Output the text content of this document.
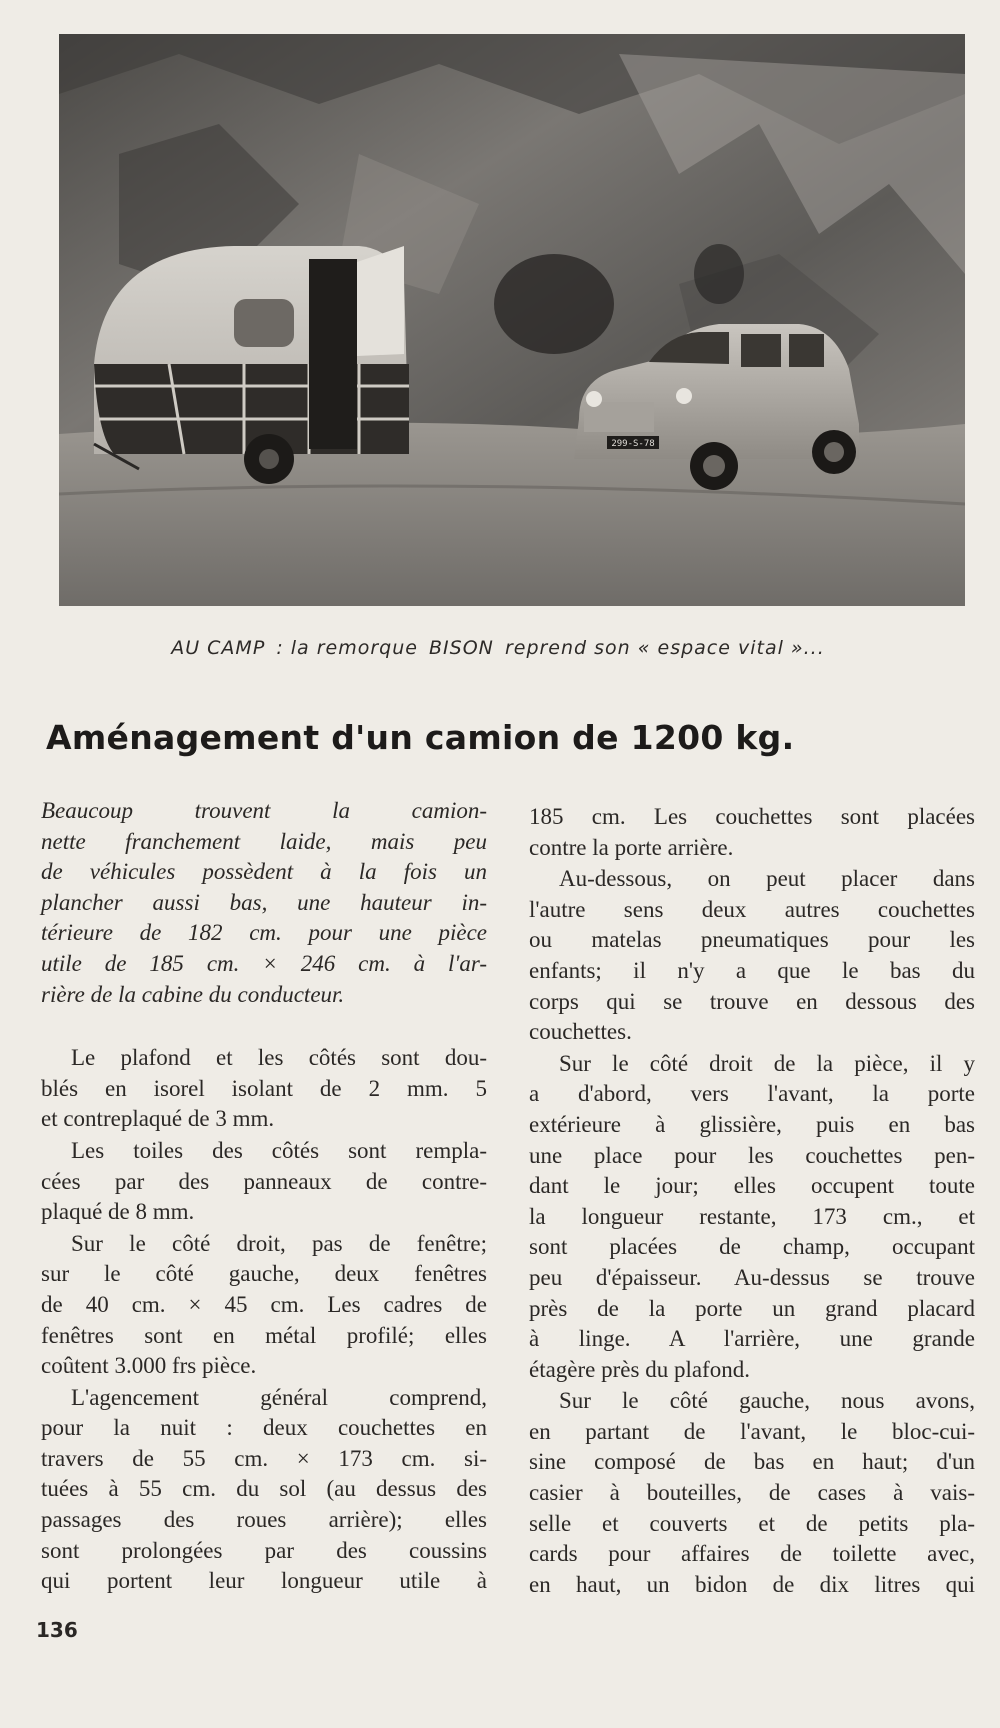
299-S-78
AU CAMP : la remorque BISON reprend son « espace vital »...
Aménagement d'un camion de 1200 kg.
Beaucoup trouvent la camion-
nette franchement laide, mais peu
de véhicules possèdent à la fois un
plancher aussi bas, une hauteur in-
térieure de 182 cm. pour une pièce
utile de 185 cm. × 246 cm. à l'ar-
rière de la cabine du conducteur.
Le plafond et les côtés sont dou-
blés en isorel isolant de 2 mm. 5
et contreplaqué de 3 mm.
Les toiles des côtés sont rempla-
cées par des panneaux de contre-
plaqué de 8 mm.
Sur le côté droit, pas de fenêtre;
sur le côté gauche, deux fenêtres
de 40 cm. × 45 cm. Les cadres de
fenêtres sont en métal profilé; elles
coûtent 3.000 frs pièce.
L'agencement général comprend,
pour la nuit : deux couchettes en
travers de 55 cm. × 173 cm. si-
tuées à 55 cm. du sol (au dessus des
passages des roues arrière); elles
sont prolongées par des coussins
qui portent leur longueur utile à
185 cm. Les couchettes sont placées
contre la porte arrière.
Au-dessous, on peut placer dans
l'autre sens deux autres couchettes
ou matelas pneumatiques pour les
enfants; il n'y a que le bas du
corps qui se trouve en dessous des
couchettes.
Sur le côté droit de la pièce, il y
a d'abord, vers l'avant, la porte
extérieure à glissière, puis en bas
une place pour les couchettes pen-
dant le jour; elles occupent toute
la longueur restante, 173 cm., et
sont placées de champ, occupant
peu d'épaisseur. Au-dessus se trouve
près de la porte un grand placard
à linge. A l'arrière, une grande
étagère près du plafond.
Sur le côté gauche, nous avons,
en partant de l'avant, le bloc-cui-
sine composé de bas en haut; d'un
casier à bouteilles, de cases à vais-
selle et couverts et de petits pla-
cards pour affaires de toilette avec,
en haut, un bidon de dix litres qui
136
